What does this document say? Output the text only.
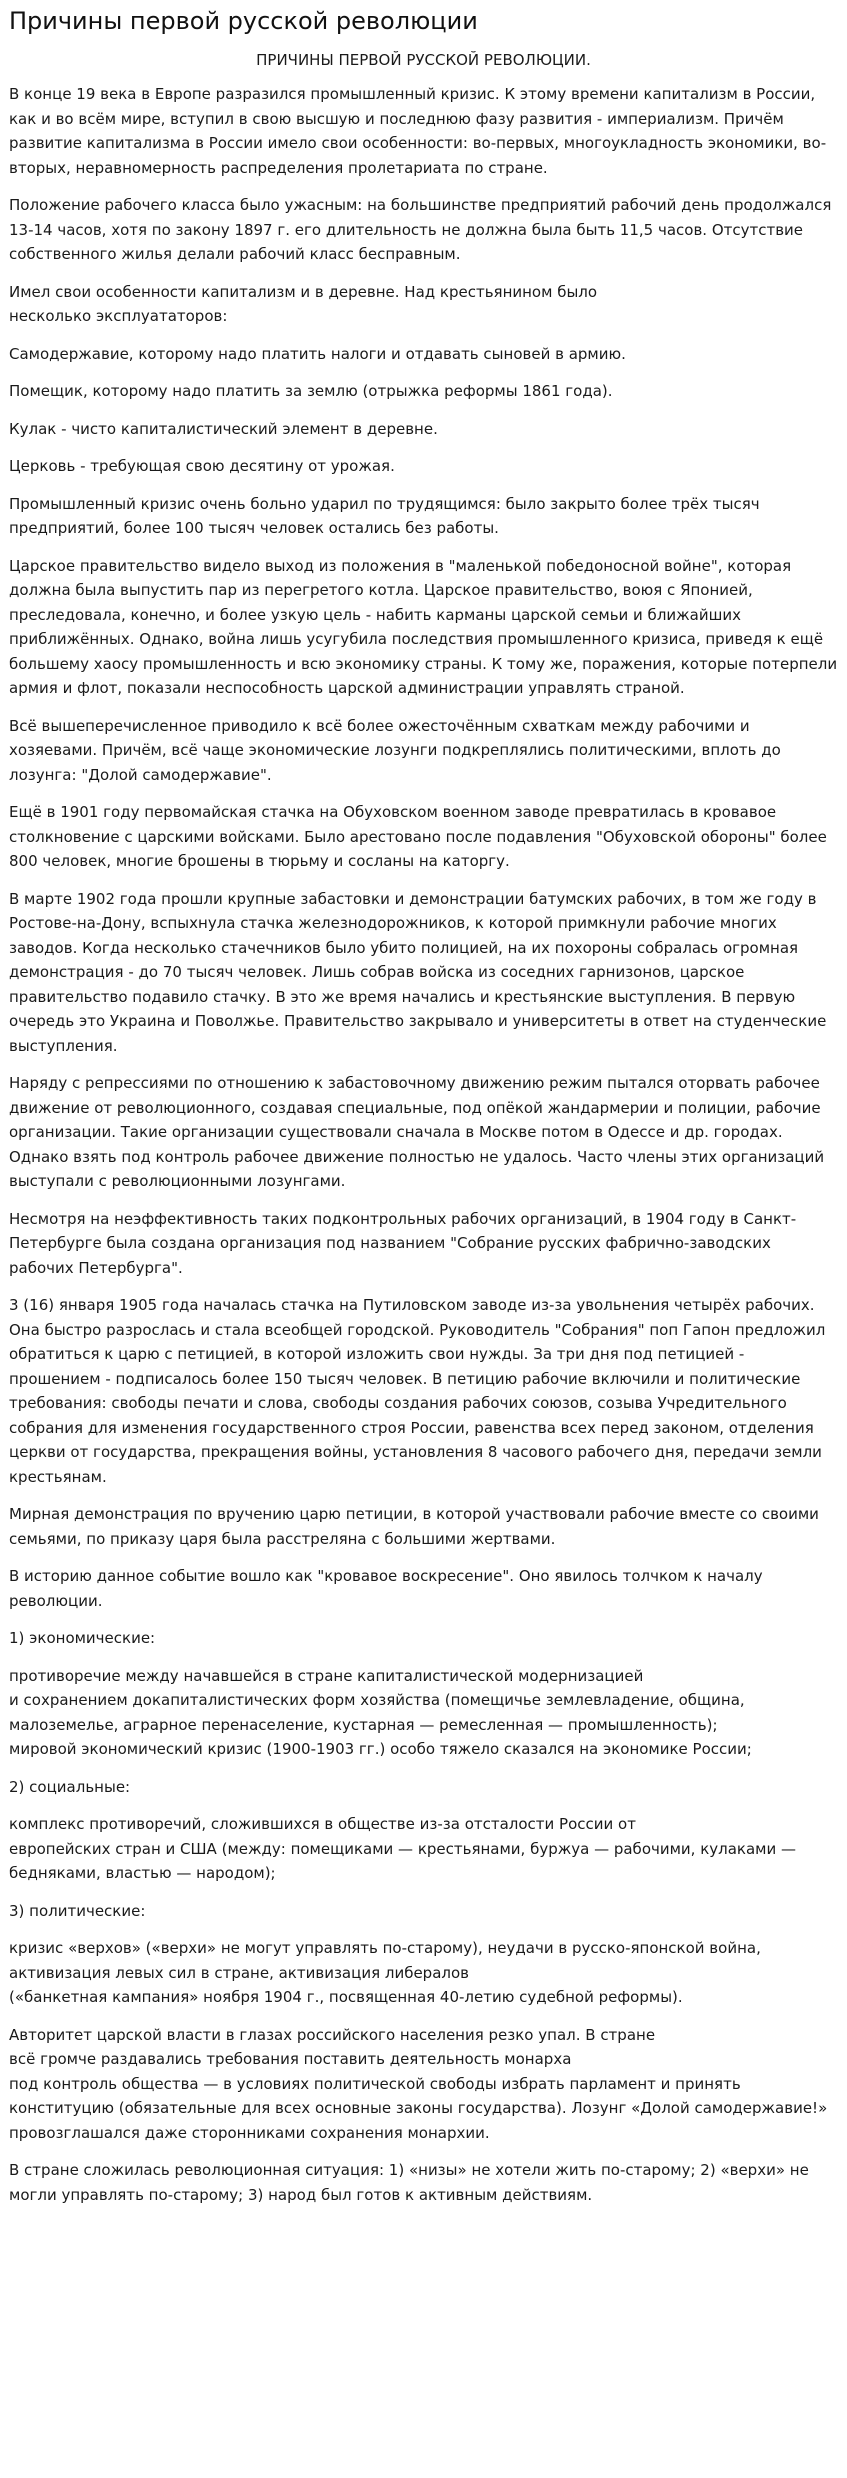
Причины первой русской революции
ПРИЧИНЫ ПЕРВОЙ РУССКОЙ РЕВОЛЮЦИИ.

В конце 19 века в Европе разразился промышленный кризис. К этому времени капитализм в России, как и во всём мире, вступил в свою высшую и последнюю фазу развития - империализм. Причём развитие капитализма в России имело свои особенности: во-первых, многоукладность экономики, во-вторых, неравномерность распределения пролетариата по стране.

Положение рабочего класса было ужасным: на большинстве предприятий рабочий день продолжался 13-14 часов, хотя по закону 1897 г. его длительность не должна была быть 11,5 часов. Отсутствие собственного жилья делали рабочий класс бесправным.

Имел свои особенности капитализм и в деревне. Над крестьянином было
несколько эксплуататоров:

Самодержавие, которому надо платить налоги и отдавать сыновей в армию.

Помещик, которому надо платить за землю (отрыжка реформы 1861 года).

Кулак - чисто капиталистический элемент в деревне.

Церковь - требующая свою десятину от урожая.

Промышленный кризис очень больно ударил по трудящимся: было закрыто более трёх тысяч предприятий, более 100 тысяч человек остались без работы.

Царское правительство видело выход из положения в "маленькой победоносной войне", которая должна была выпустить пар из перегретого котла. Царское правительство, воюя с Японией, преследовала, конечно, и более узкую цель - набить карманы царской семьи и ближайших приближённых. Однако, война лишь усугубила последствия промышленного кризиса, приведя к ещё большему хаосу промышленность и всю экономику страны. К тому же, поражения, которые потерпели армия и флот, показали неспособность царской администрации управлять страной.

Всё вышеперечисленное приводило к всё более ожесточённым схваткам между рабочими и хозяевами. Причём, всё чаще экономические лозунги подкреплялись политическими, вплоть до лозунга: "Долой самодержавие".

Ещё в 1901 году первомайская стачка на Обуховском военном заводе превратилась в кровавое столкновение с царскими войсками. Было арестовано после подавления "Обуховской обороны" более 800 человек, многие брошены в тюрьму и сосланы на каторгу.

В марте 1902 года прошли крупные забастовки и демонстрации батумских рабочих, в том же году в Ростове-на-Дону, вспыхнула стачка железнодорожников, к которой примкнули рабочие многих заводов. Когда несколько стачечников было убито полицией, на их похороны собралась огромная демонстрация - до 70 тысяч человек. Лишь собрав войска из соседних гарнизонов, царское правительство подавило стачку. В это же время начались и крестьянские выступления. В первую очередь это Украина и Поволжье. Правительство закрывало и университеты в ответ на студенческие выступления.

Наряду с репрессиями по отношению к забастовочному движению режим пытался оторвать рабочее движение от революционного, создавая специальные, под опёкой жандармерии и полиции, рабочие организации. Такие организации существовали сначала в Москве потом в Одессе и др. городах. Однако взять под контроль рабочее движение полностью не удалось. Часто члены этих организаций выступали с революционными лозунгами.

Несмотря на неэффективность таких подконтрольных рабочих организаций, в 1904 году в Санкт-Петербурге была создана организация под названием "Собрание русских фабрично-заводских рабочих Петербурга".

3 (16) января 1905 года началась стачка на Путиловском заводе из-за увольнения четырёх рабочих. Она быстро разрослась и стала всеобщей городской. Руководитель "Собрания" поп Гапон предложил обратиться к царю с петицией, в которой изложить свои нужды. За три дня под петицией - прошением - подписалось более 150 тысяч человек. В петицию рабочие включили и политические требования: свободы печати и слова, свободы создания рабочих союзов, созыва Учредительного собрания для изменения государственного строя России, равенства всех перед законом, отделения церкви от государства, прекращения войны, установления 8 часового рабочего дня, передачи земли крестьянам.

Мирная демонстрация по вручению царю петиции, в которой участвовали рабочие вместе со своими семьями, по приказу царя была расстреляна с большими жертвами.

В историю данное событие вошло как "кровавое воскресение". Оно явилось толчком к началу революции.

1) экономические:

противоречие между начавшейся в стране капиталистической модернизацией
и сохранением докапиталистических форм хозяйства (помещичье землевладение, община, малоземелье, аграрное перенаселение, кустарная — ремесленная — промышленность);
мировой экономический кризис (1900-1903 гг.) особо тяжело сказался на экономике России;

2) социальные:

комплекс противоречий, сложившихся в обществе из-за отсталости России от
европейских стран и США (между: помещиками — крестьянами, буржуа — рабочими, кулаками — бедняками, властью — народом);

3) политические:

кризис «верхов» («верхи» не могут управлять по-старому), неудачи в русско-японской война, активизация левых сил в стране, активизация либералов
(«банкетная кампания» ноября 1904 г., посвященная 40-летию судебной реформы).

Авторитет царской власти в глазах российского населения резко упал. В стране
всё громче раздавались требования поставить деятельность монарха
под контроль общества — в условиях политической свободы избрать парламент и принять конституцию (обязательные для всех основные законы государства). Лозунг «Долой самодержавие!» провозглашался даже сторонниками сохранения монархии.

В стране сложилась революционная ситуация: 1) «низы» не хотели жить по-старому; 2) «верхи» не могли управлять по-старому; 3) народ был готов к активным действиям.
